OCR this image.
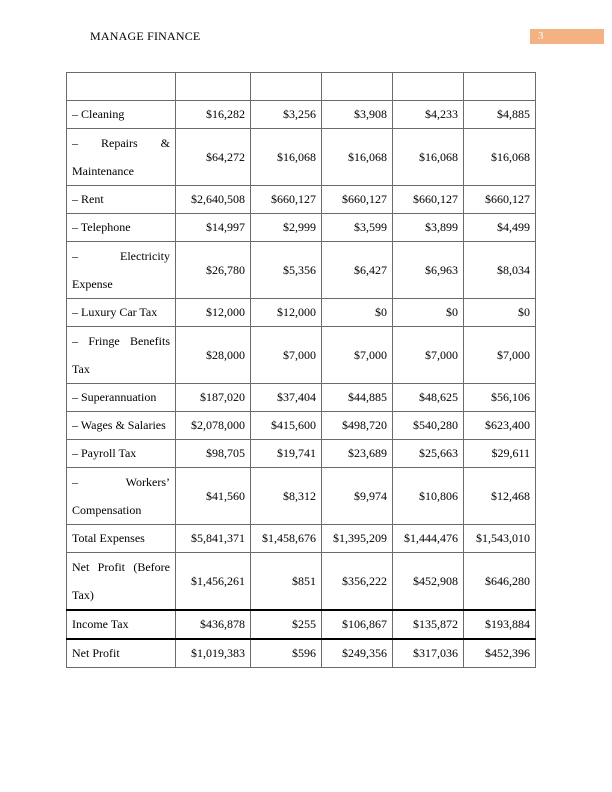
MANAGE FINANCE	3

– Cleaning	$16,282	$3,256	$3,908	$4,233	$4,885
– Repairs & Maintenance	$64,272	$16,068	$16,068	$16,068	$16,068
– Rent	$2,640,508	$660,127	$660,127	$660,127	$660,127
– Telephone	$14,997	$2,999	$3,599	$3,899	$4,499
– Electricity Expense	$26,780	$5,356	$6,427	$6,963	$8,034
– Luxury Car Tax	$12,000	$12,000	$0	$0	$0
– Fringe Benefits Tax	$28,000	$7,000	$7,000	$7,000	$7,000
– Superannuation	$187,020	$37,404	$44,885	$48,625	$56,106
– Wages & Salaries	$2,078,000	$415,600	$498,720	$540,280	$623,400
– Payroll Tax	$98,705	$19,741	$23,689	$25,663	$29,611
– Workers’ Compensation	$41,560	$8,312	$9,974	$10,806	$12,468
Total Expenses	$5,841,371	$1,458,676	$1,395,209	$1,444,476	$1,543,010
Net Profit (Before Tax)	$1,456,261	$851	$356,222	$452,908	$646,280
Income Tax	$436,878	$255	$106,867	$135,872	$193,884
Net Profit	$1,019,383	$596	$249,356	$317,036	$452,396
